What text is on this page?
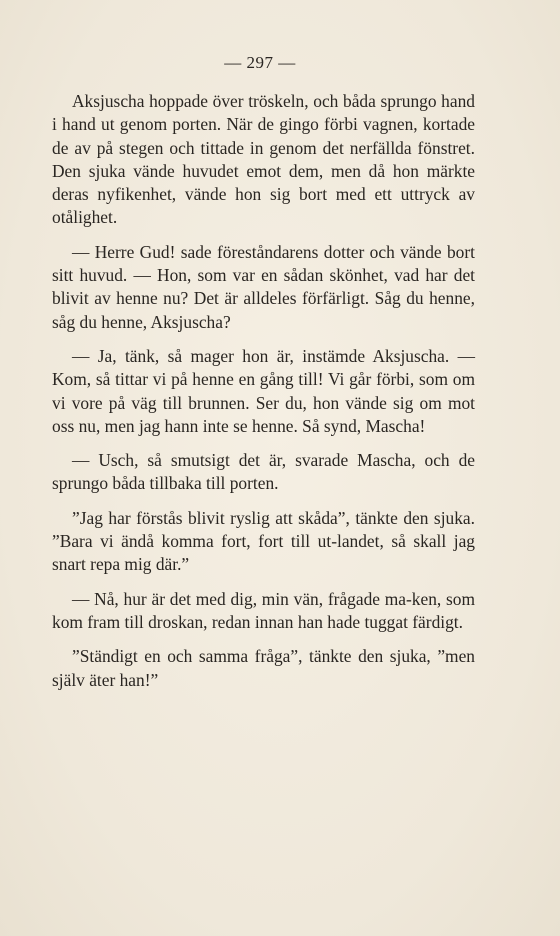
— 297 —

Aksjuscha hoppade över tröskeln, och båda sprungo hand i hand ut genom porten. När de gingo förbi vagnen, kortade de av på stegen och tittade in genom det nerfällda fönstret. Den sjuka vände huvudet emot dem, men då hon märkte deras nyfikenhet, vände hon sig bort med ett uttryck av otålighet.

— Herre Gud! sade föreståndarens dotter och vände bort sitt huvud. — Hon, som var en sådan skönhet, vad har det blivit av henne nu? Det är alldeles förfärligt. Såg du henne, såg du henne, Aksjuscha?

— Ja, tänk, så mager hon är, instämde Aksjuscha. — Kom, så tittar vi på henne en gång till! Vi går förbi, som om vi vore på väg till brunnen. Ser du, hon vände sig om mot oss nu, men jag hann inte se henne. Så synd, Mascha!

— Usch, så smutsigt det är, svarade Mascha, och de sprungo båda tillbaka till porten.

”Jag har förstås blivit ryslig att skåda”, tänkte den sjuka. ”Bara vi ändå komma fort, fort till ut-landet, så skall jag snart repa mig där.”

— Nå, hur är det med dig, min vän, frågade ma-ken, som kom fram till droskan, redan innan han hade tuggat färdigt.

”Ständigt en och samma fråga”, tänkte den sjuka, ”men själv äter han!”
